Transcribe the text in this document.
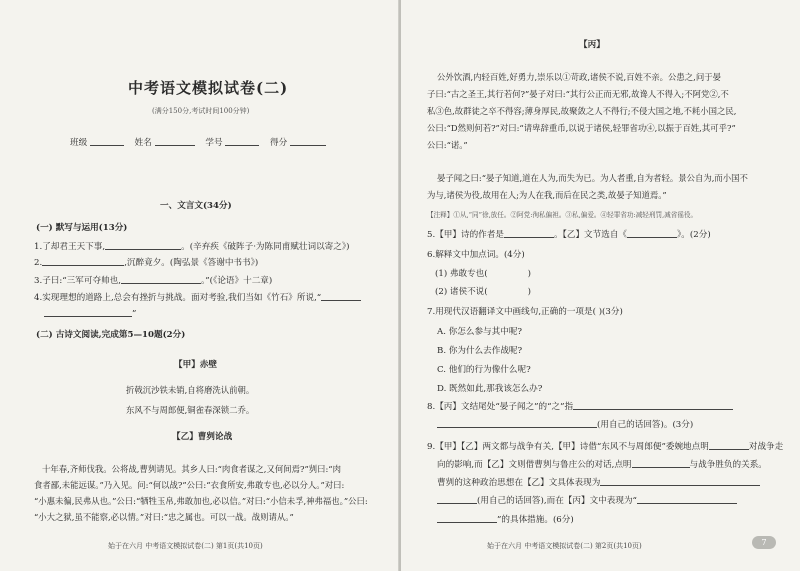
中考语文模拟试卷(二)
(满分150分,考试时间100分钟)
班级	姓名	学号	得分
一、文言文(34分)
(一) 默写与运用(13分)
1.了却君王天下事,	。(辛弃疾《破阵子·为陈同甫赋壮词以寄之》)
2.	,沉醉竟夕。(陶弘景《答谢中书书》)
3.子曰:“三军可夺帅也,	。”(《论语》十二章)
4.实现理想的道路上,总会有挫折与挑战。面对考验,我们当如《竹石》所说,“
”
(二) 古诗文阅读,完成第5—10题(2分)
【甲】赤壁
折戟沉沙铁未销,自将磨洗认前朝。
东风不与周郎便,铜雀春深锁二乔。
【乙】曹刿论战
十年春,齐师伐我。公将战,曹刿请见。其乡人曰:“肉食者谋之,又何间焉?”刿曰:“肉
食者鄙,未能远谋。”乃入见。问:“何以战?”公曰:“衣食所安,弗敢专也,必以分人。”对曰:
“小惠未徧,民弗从也。”公曰:“牺牲玉帛,弗敢加也,必以信。”对曰:“小信未孚,神弗福也。”公曰:
“小大之狱,虽不能察,必以情。”对曰:“忠之属也。可以一战。战则请从。”
始于在六月 中考语文模拟试卷(二) 第1页(共10页)
【丙】
公外饮酒,内轻百姓,好勇力,崇乐以①苛政,诸侯不说,百姓不亲。公患之,问于晏
子曰:“古之圣王,其行若何?”晏子对曰:“其行公正而无邪,故谗人不得入;不阿党②,不
私③色,故群徒之卒不得容;薄身厚民,故聚敛之人不得行;不侵大国之地,不耗小国之民,
公曰:“D然则何若?”对曰:“请卑辞重币,以说于诸侯,轻罪省功④,以振于百姓,其可乎?”
公曰:“诺。”
晏子闻之曰:“晏子知道,道在人为,而失为已。为人者重,自为者轻。景公自为,而小国不
为与,诸侯为役,故用在人;为人在我,而后在民之类,故晏子知道焉。”
【注释】①从,“同”徐,放任。②阿党:徇私偏袒。③私,偏爱。④轻罪省功:减轻刑罚,减省徭役。
5.【甲】诗的作者是	。【乙】文节选自《	》。(2分)
6.解释文中加点词。(4分)
(1) 弗敢专也(	)
(2) 诸侯不说(	)
7.用现代汉语翻译文中画线句,正确的一项是( )(3分)
A. 你怎么参与其中呢?
B. 你为什么去作战呢?
C. 他们的行为像什么呢?
D. 既然如此,那我该怎么办?
8.【丙】文结尾处“晏子闻之”的“之”指
(用自己的话回答)。(3分)
9.【甲】【乙】两文都与战争有关,【甲】诗借“东风不与周郎便”委婉地点明	对战争走
向的影响,而【乙】文则借曹刿与鲁庄公的对话,点明	与战争胜负的关系。
曹刿的这种政治思想在【乙】文具体表现为
(用自己的话回答),而在【丙】文中表现为“
”的具体措施。(6分)
始于在六月 中考语文模拟试卷(二) 第2页(共10页)	7
